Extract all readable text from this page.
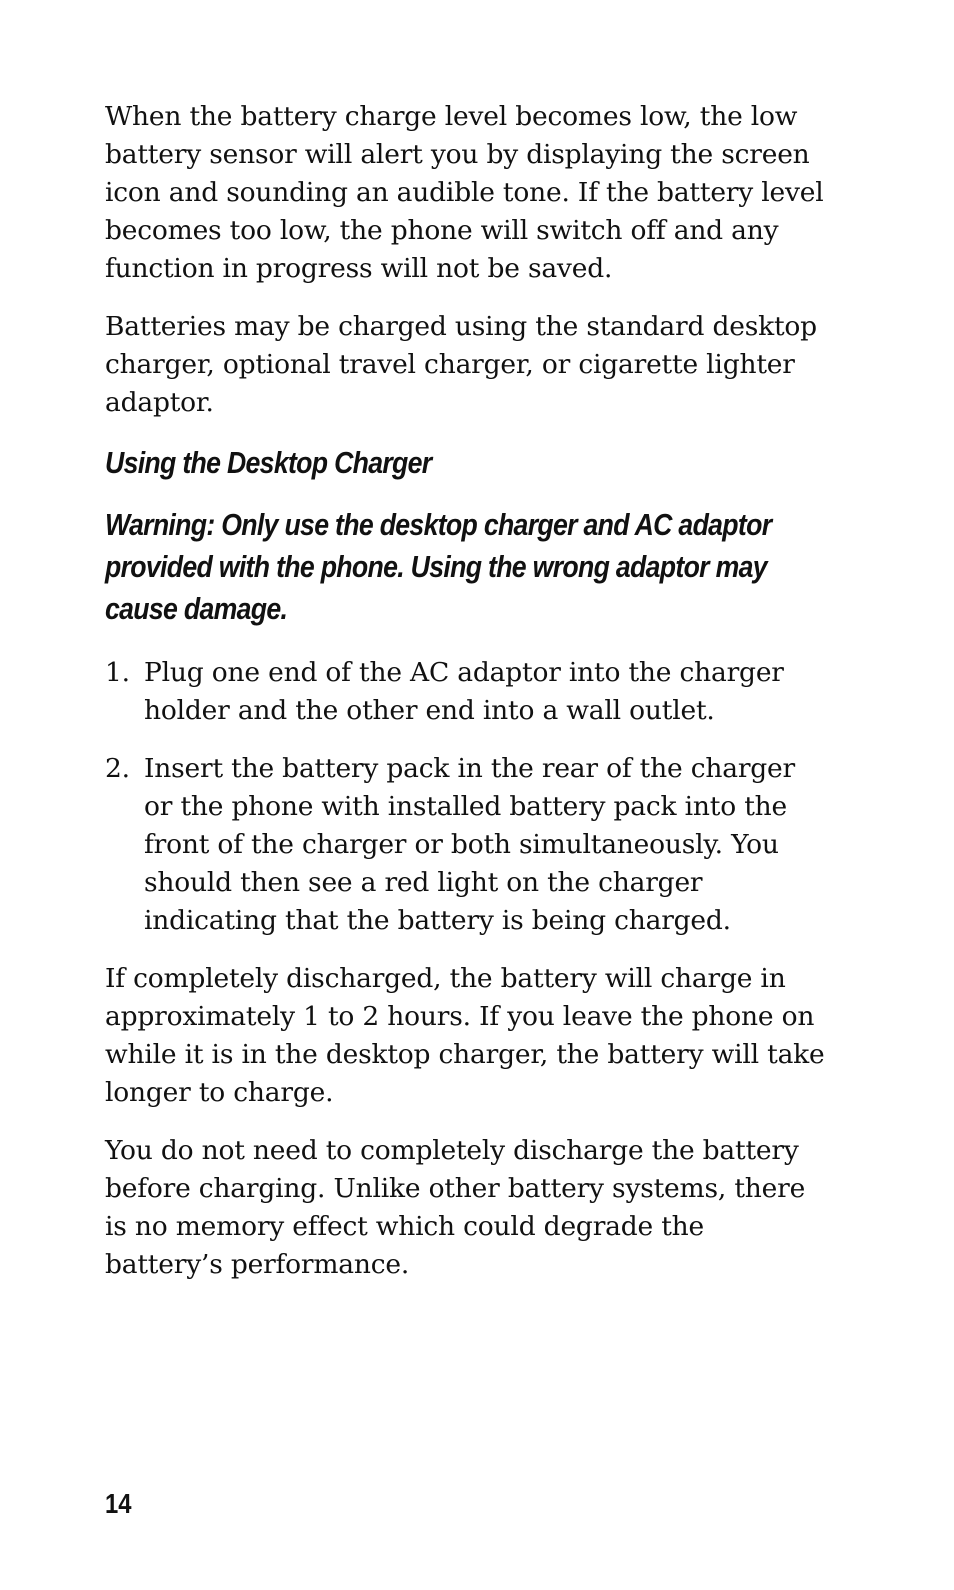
When the battery charge level becomes low, the low battery sensor will alert you by displaying the screen icon and sounding an audible tone. If the battery level becomes too low, the phone will switch off and any function in progress will not be saved.

Batteries may be charged using the standard desktop charger, optional travel charger, or cigarette lighter adaptor.

Using the Desktop Charger
Warning: Only use the desktop charger and AC adaptor provided with the phone. Using the wrong adaptor may cause damage.
1. Plug one end of the AC adaptor into the charger holder and the other end into a wall outlet.
2. Insert the battery pack in the rear of the charger or the phone with installed battery pack into the front of the charger or both simultaneously. You should then see a red light on the charger indicating that the battery is being charged.

If completely discharged, the battery will charge in approximately 1 to 2 hours. If you leave the phone on while it is in the desktop charger, the battery will take longer to charge.

You do not need to completely discharge the battery before charging. Unlike other battery systems, there is no memory effect which could degrade the battery’s performance.

14
